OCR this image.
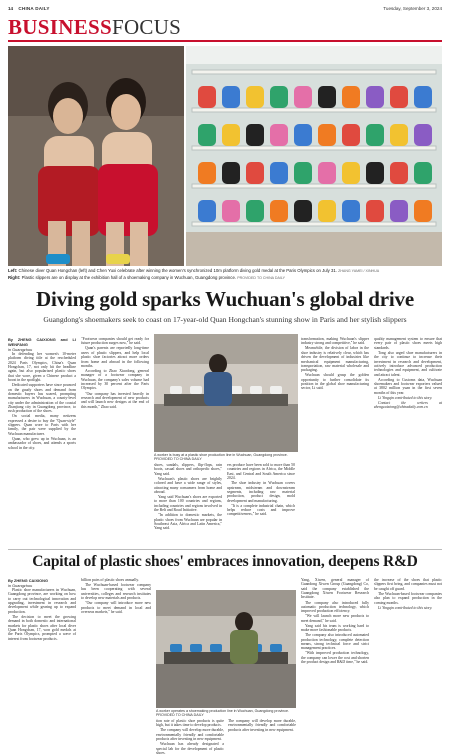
14 CHINA DAILY	Tuesday, September 3, 2024
BUSINESSFOCUS
Left: Chinese diver Quan Hongchan (left) and Chen Yuxi celebrate after winning the women's synchronized 10m platform diving gold medal at the Paris Olympics on July 31. ZHANG YAMEI / XINHUA
Right: Plastic slippers are on display at the exhibition hall of a shoemaking company in Wuchuan, Guangdong province. PROVIDED TO CHINA DAILY
Diving gold sparks Wuchuan's global drive
Guangdong's shoemakers seek to coast on 17-year-old Quan Hongchan's stunning show in Paris and her stylish slippers
By ZHENG CAIXIONG and LI WENFANG
in Guangzhou

In defending her women's 10-meter platform diving title at the rescheduled 2024 Paris Olympics, China's Quan Hongchan, 17, not only hit the headline again, but also popularized plastic shoes that she wore, given a Chinese product a boost in the spotlight.

Dedicated supporters have since pounced on the gaudy shoes and demand from domestic buyers has soared, prompting manufacturers in Wuchuan, a county-level city under the administration of the coastal Zhanjiang city in Guangdong province, to rush production of the shoes.

On social media, many netizens expressed a desire to buy the "Quan-style" slippers. Quan wore to Paris with her family, the pair were supplied by the Wuchuan manufacturer.

Quan, who grew up in Wuchuan, is an ambassador of shoes, and attends a sports school in the city.

"Footwear companies should get ready for future production surges now," he said.

Quan's parents are reportedly long-time users of plastic slippers, and help local plastic shoe factories attract more orders from home and abroad in the following months.

According to Zhao Xiaodong, general manager of a footwear company in Wuchuan, the company's sales volume had increased by 30 percent after the Paris Olympics.

"Our company has invested heavily in research and development of new products and will launch new designs at the end of this month," Zhao said.

A worker is busy at a plastic shoe production line in Wuchuan, Guangdong province. PROVIDED TO CHINA DAILY

shoes, sandals, slippers, flip-flops, rain boots, casual shoes and orthopedic shoes," Yang said.

Wuchuan's plastic shoes are brightly colored and have a wide range of styles, attracting many consumers from home and abroad.

Yang said Wuchuan's shoes are exported to more than 100 countries and regions, including countries and regions involved in the Belt and Road Initiative.

"In addition to domestic markets, the plastic shoes from Wuchuan are popular in Southeast Asia, Africa and Latin America," Yang said.

ers produce have been sold to more than 50 countries and regions in Africa, the Middle East, and Central and South America since 2024.

The shoe industry in Wuchuan covers upstream, midstream and downstream segments, including raw material production, product design, mold development and manufacturing.

"It is a complete industrial chain, which helps reduce costs and improve competitiveness," he said.

transformation, making Wuchuan's slipper industry strong and competitive," he said.

Meanwhile, the division of labor in the shoe industry is relatively clear, which has driven the development of industries like mechanical equipment manufacturing, transportation, raw material wholesale and packaging.

Wuchuan should grasp the golden opportunity to further consolidate its position in the global shoe manufacturing sector, Li said.

quality management system to ensure that every pair of plastic shoes meets high standards.

Tong also urged shoe manufacturers in the city to continue to increase their investment in research and development, actively introduce advanced production technologies and equipment, and cultivate and attract talent.

According to Customs data, Wuchuan shoemakers and footwear exporters valued at 3802 million yuan in the first seven months of this year.

Li Yingqin contributed to this story.

Contact the writers at zhengcaixiong@chinadaily.com.cn

Capital of plastic shoes' embraces innovation, deepens R&D
By ZHENG CAIXIONG
in Guangzhou

Plastic shoe manufacturers in Wuchuan, Guangdong province, are working on how to carry out technological innovation and upgrading, investment in research and development while gearing up to expand production.

The decision to meet the growing demand in both domestic and international markets for plastic shoes after local diver Quan Hongchan, 17, won gold medals at the Paris Olympics, prompted a wave of interest from footwear products.

billion pairs of plastic shoes annually.

The Wuchuan-based footwear company has been cooperating with several universities, colleges and research institutes to develop new materials and products.

"Our company will introduce more new products to meet demand in local and overseas markets," he said.

A worker operates a shoemaking production line in Wuchuan, Guangdong province. PROVIDED TO CHINA DAILY

tion rate of plastic shoe products is quite high, but it takes time to develop products.

The company will develop more durable, environmentally friendly and comfortable products after investing in new equipment.

Wuchuan has already designated a special lab for the development of plastic shoes.

The company will develop more durable, environmentally friendly and comfortable products after investing in new equipment.

Yang, Xiwen, general manager of Guandong Xiwen Group (Guangdong) Co, said the company established the Guangdong Xiwen Footwear Research Institute.

The company also introduced fully automatic production technology, which improved production efficiency.

"We will launch more new products to meet demand," he said.

Yang said his team is working hard to make more fashionable products.

The company also introduced automated production technology, complete detection means, strong technical force and strict management practices.

"With improved production technology, the company can lower the cost and shorten the product design and R&D time," he said.

the increase of the shoes that plastic slippers first bring, and companies must not be caught off guard.

The Wuchuan-based footwear companies also plan to expand production in the coming months.

Li Yingqin contributed to this story.
